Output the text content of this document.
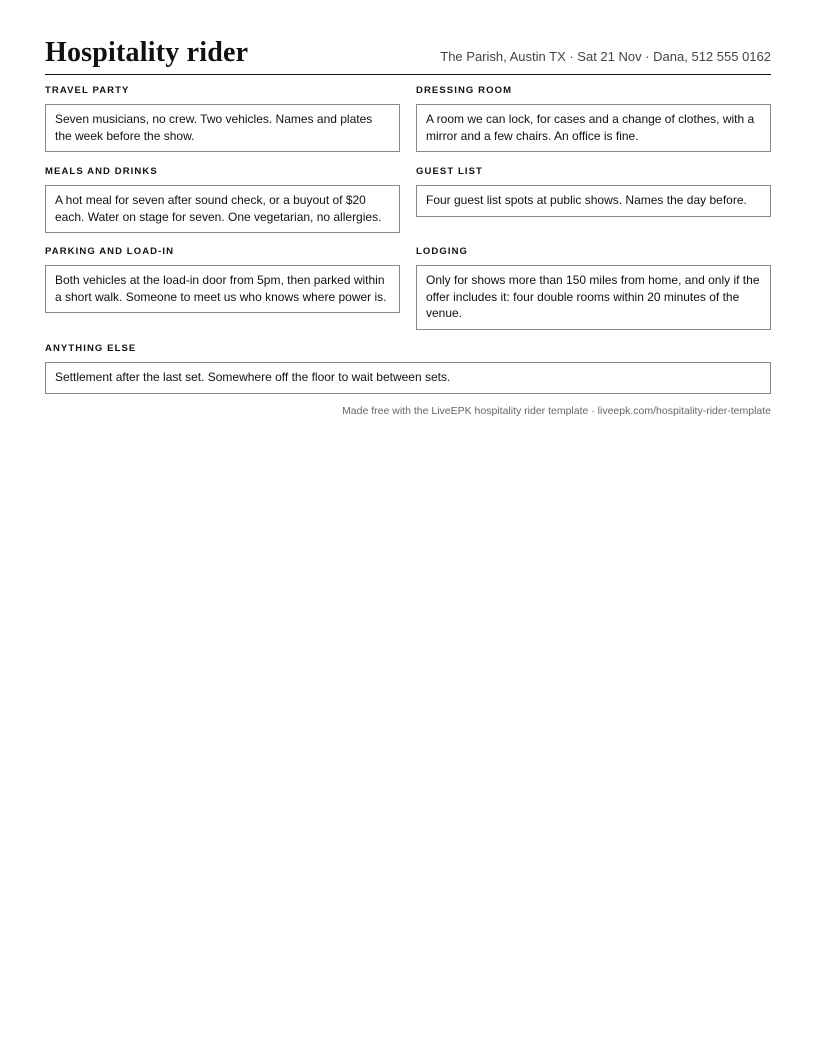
Hospitality rider	The Parish, Austin TX · Sat 21 Nov · Dana, 512 555 0162
TRAVEL PARTY
Seven musicians, no crew. Two vehicles. Names and plates the week before the show.
DRESSING ROOM
A room we can lock, for cases and a change of clothes, with a mirror and a few chairs. An office is fine.
MEALS AND DRINKS
A hot meal for seven after sound check, or a buyout of $20 each. Water on stage for seven. One vegetarian, no allergies.
GUEST LIST
Four guest list spots at public shows. Names the day before.
PARKING AND LOAD-IN
Both vehicles at the load-in door from 5pm, then parked within a short walk. Someone to meet us who knows where power is.
LODGING
Only for shows more than 150 miles from home, and only if the offer includes it: four double rooms within 20 minutes of the venue.
ANYTHING ELSE
Settlement after the last set. Somewhere off the floor to wait between sets.
Made free with the LiveEPK hospitality rider template · liveepk.com/hospitality-rider-template
